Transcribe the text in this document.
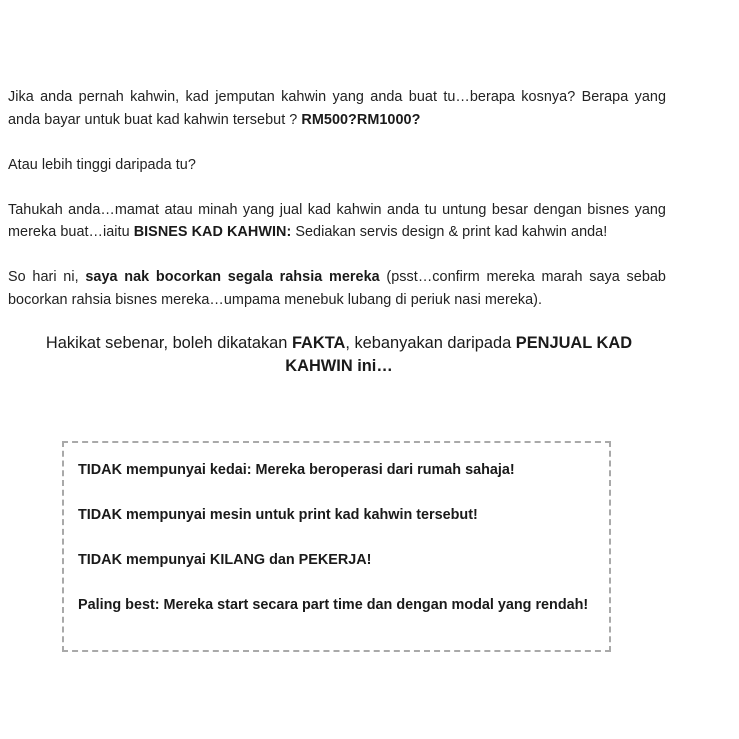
Jika anda pernah kahwin, kad jemputan kahwin yang anda buat tu…berapa kosnya? Berapa yang anda bayar untuk buat kad kahwin tersebut ? RM500?RM1000?

Atau lebih tinggi daripada tu?

Tahukah anda…mamat atau minah yang jual kad kahwin anda tu untung besar dengan bisnes yang mereka buat…iaitu BISNES KAD KAHWIN: Sediakan servis design & print kad kahwin anda!

So hari ni, saya nak bocorkan segala rahsia mereka (psst…confirm mereka marah saya sebab bocorkan rahsia bisnes mereka…umpama menebuk lubang di periuk nasi mereka).

Hakikat sebenar, boleh dikatakan FAKTA, kebanyakan daripada PENJUAL KAD KAHWIN ini…

TIDAK mempunyai kedai: Mereka beroperasi dari rumah sahaja!

TIDAK mempunyai mesin untuk print kad kahwin tersebut!

TIDAK mempunyai KILANG dan PEKERJA!

Paling best: Mereka start secara part time dan dengan modal yang rendah!
